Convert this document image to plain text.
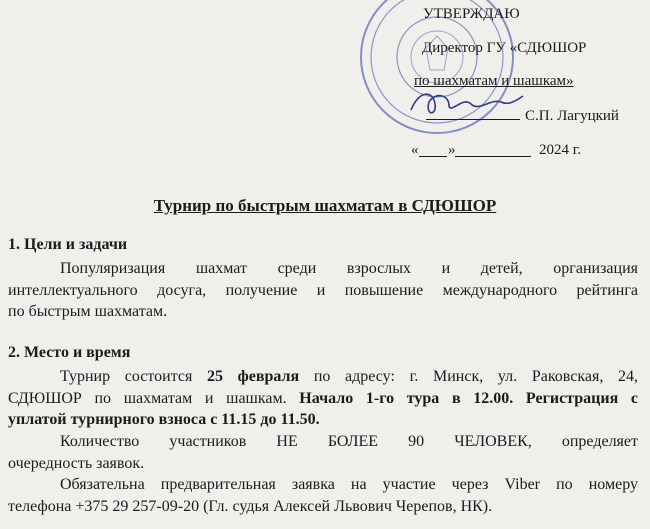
УТВЕРЖДАЮ
Директор ГУ «СДЮШОР
по шахматам и шашкам»
С.П. Лагуцкий
« »	2024 г.
Турнир по быстрым шахматам в СДЮШОР
1. Цели и задачи
Популяризация шахмат среди взрослых и детей, организация
интеллектуального досуга, получение и повышение международного рейтинга
по быстрым шахматам.
2. Место и время
Турнир состоится 25 февраля по адресу: г. Минск, ул. Раковская, 24,
СДЮШОР по шахматам и шашкам. Начало 1-го тура в 12.00. Регистрация с
уплатой турнирного взноса с 11.15 до 11.50.
Количество участников НЕ БОЛЕЕ 90 ЧЕЛОВЕК, определяет
очередность заявок.
Обязательна предварительная заявка на участие через Viber по номеру
телефона +375 29 257-09-20 (Гл. судья Алексей Львович Черепов, НК).
